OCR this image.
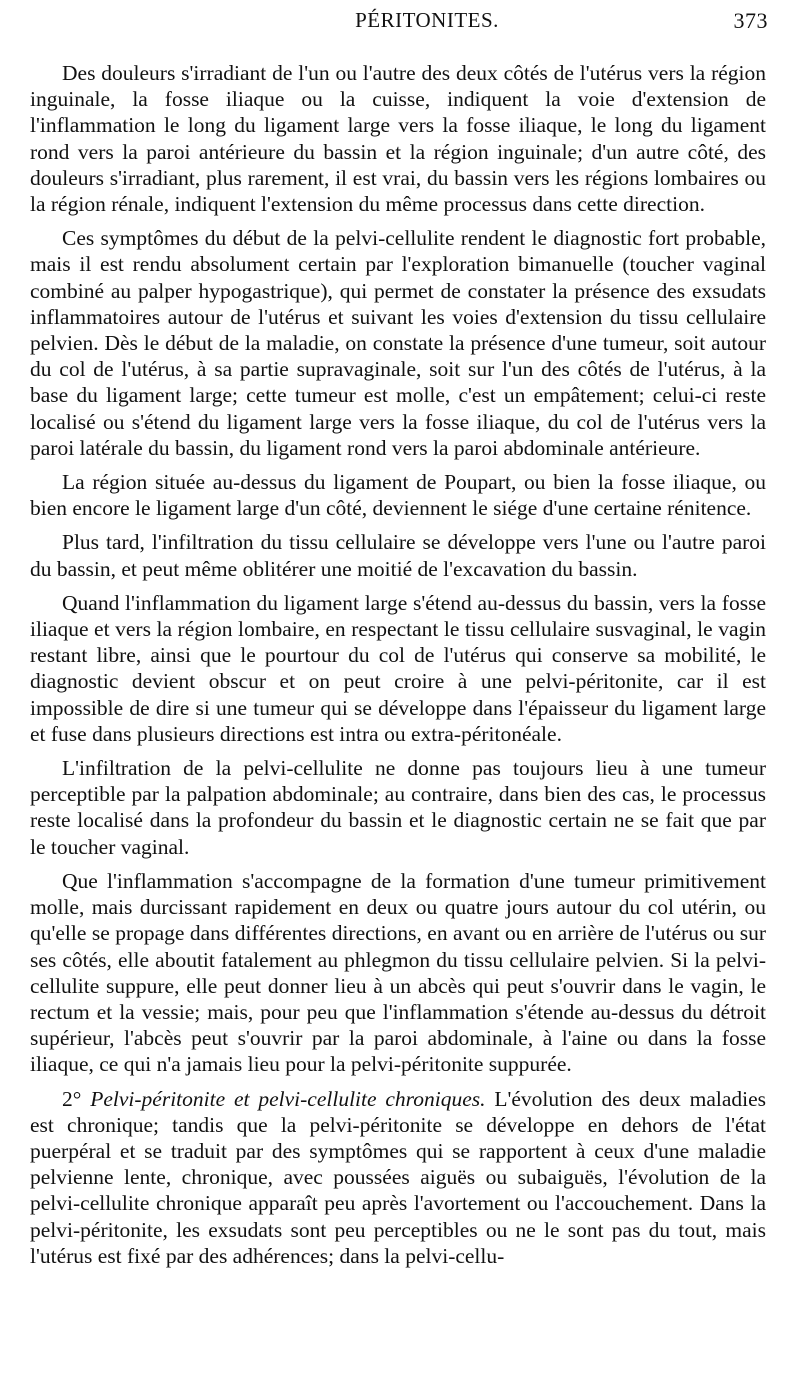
PÉRITONITES.	373

Des douleurs s'irradiant de l'un ou l'autre des deux côtés de l'utérus vers la région inguinale, la fosse iliaque ou la cuisse, indiquent la voie d'extension de l'inflammation le long du ligament large vers la fosse iliaque, le long du ligament rond vers la paroi antérieure du bassin et la région inguinale; d'un autre côté, des douleurs s'irradiant, plus rarement, il est vrai, du bassin vers les régions lombaires ou la région rénale, indiquent l'extension du même processus dans cette direction.

Ces symptômes du début de la pelvi-cellulite rendent le diagnostic fort probable, mais il est rendu absolument certain par l'exploration bimanuelle (toucher vaginal combiné au palper hypogastrique), qui permet de constater la présence des exsudats inflammatoires autour de l'utérus et suivant les voies d'extension du tissu cellulaire pelvien. Dès le début de la maladie, on constate la présence d'une tumeur, soit autour du col de l'utérus, à sa partie supravaginale, soit sur l'un des côtés de l'utérus, à la base du ligament large; cette tumeur est molle, c'est un empâtement; celui-ci reste localisé ou s'étend du ligament large vers la fosse iliaque, du col de l'utérus vers la paroi latérale du bassin, du ligament rond vers la paroi abdominale antérieure.

La région située au-dessus du ligament de Poupart, ou bien la fosse iliaque, ou bien encore le ligament large d'un côté, deviennent le siége d'une certaine rénitence.

Plus tard, l'infiltration du tissu cellulaire se développe vers l'une ou l'autre paroi du bassin, et peut même oblitérer une moitié de l'excavation du bassin.

Quand l'inflammation du ligament large s'étend au-dessus du bassin, vers la fosse iliaque et vers la région lombaire, en respectant le tissu cellulaire susvaginal, le vagin restant libre, ainsi que le pourtour du col de l'utérus qui conserve sa mobilité, le diagnostic devient obscur et on peut croire à une pelvi-péritonite, car il est impossible de dire si une tumeur qui se développe dans l'épaisseur du ligament large et fuse dans plusieurs directions est intra ou extra-péritonéale.

L'infiltration de la pelvi-cellulite ne donne pas toujours lieu à une tumeur perceptible par la palpation abdominale; au contraire, dans bien des cas, le processus reste localisé dans la profondeur du bassin et le diagnostic certain ne se fait que par le toucher vaginal.

Que l'inflammation s'accompagne de la formation d'une tumeur primitivement molle, mais durcissant rapidement en deux ou quatre jours autour du col utérin, ou qu'elle se propage dans différentes directions, en avant ou en arrière de l'utérus ou sur ses côtés, elle aboutit fatalement au phlegmon du tissu cellulaire pelvien. Si la pelvi-cellulite suppure, elle peut donner lieu à un abcès qui peut s'ouvrir dans le vagin, le rectum et la vessie; mais, pour peu que l'inflammation s'étende au-dessus du détroit supérieur, l'abcès peut s'ouvrir par la paroi abdominale, à l'aine ou dans la fosse iliaque, ce qui n'a jamais lieu pour la pelvi-péritonite suppurée.

2° Pelvi-péritonite et pelvi-cellulite chroniques. L'évolution des deux maladies est chronique; tandis que la pelvi-péritonite se développe en dehors de l'état puerpéral et se traduit par des symptômes qui se rapportent à ceux d'une maladie pelvienne lente, chronique, avec poussées aiguës ou subaiguës, l'évolution de la pelvi-cellulite chronique apparaît peu après l'avortement ou l'accouchement. Dans la pelvi-péritonite, les exsudats sont peu perceptibles ou ne le sont pas du tout, mais l'utérus est fixé par des adhérences; dans la pelvi-cellu-
